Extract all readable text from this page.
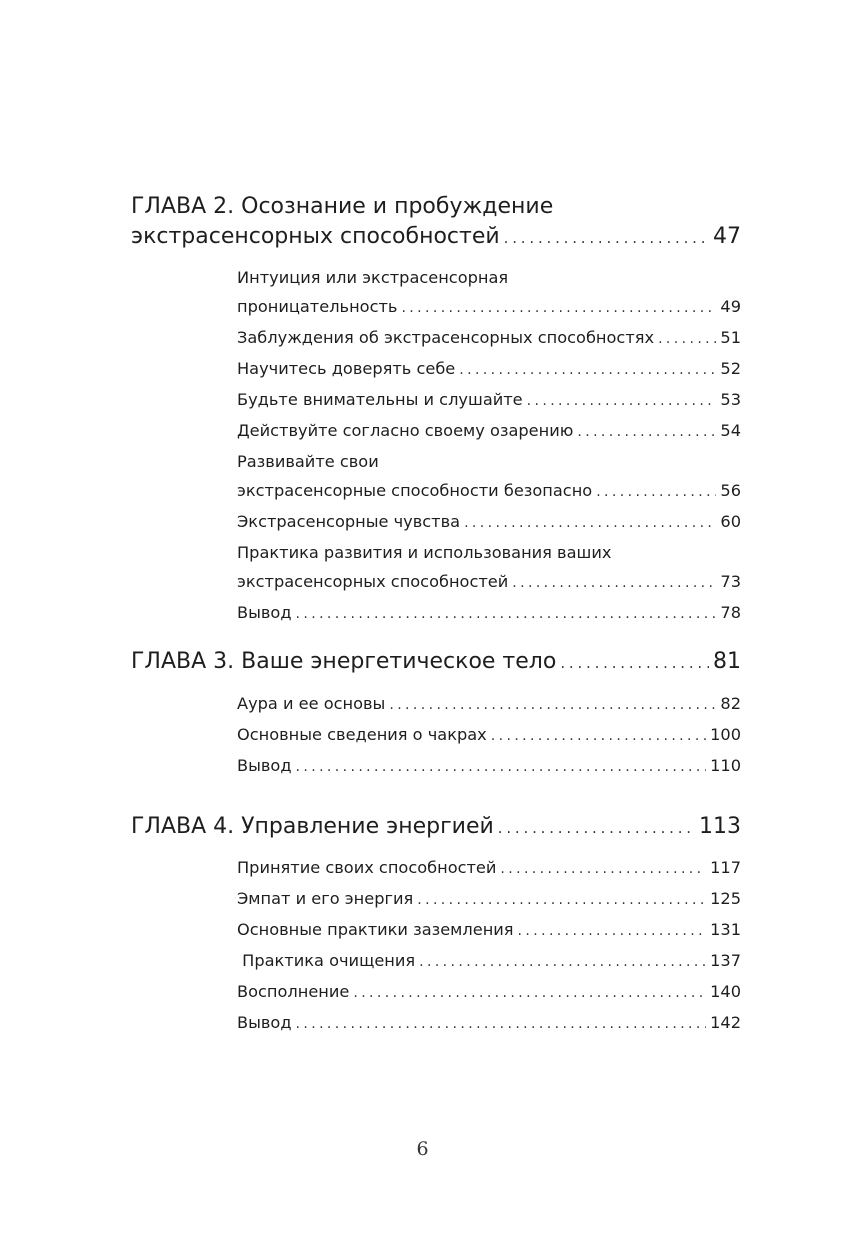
ГЛАВА 2. Осознание и пробуждение
экстрасенсорных способностей .....	47
Интуиция или экстрасенсорная
проницательность .....	49
Заблуждения об экстрасенсорных способностях .....	51
Научитесь доверять себе .....	52
Будьте внимательны и слушайте .....	53
Действуйте согласно своему озарению .....	54
Развивайте свои
экстрасенсорные способности безопасно .....	56
Экстрасенсорные чувства .....	60
Практика развития и использования ваших
экстрасенсорных способностей .....	73
Вывод .....	78
ГЛАВА 3. Ваше энергетическое тело .....	81
Аура и ее основы .....	82
Основные сведения о чакрах .....	100
Вывод .....	110
ГЛАВА 4. Управление энергией .....	113
Принятие своих способностей .....	117
Эмпат и его энергия .....	125
Основные практики заземления .....	131
Практика очищения .....	137
Восполнение .....	140
Вывод .....	142
6
